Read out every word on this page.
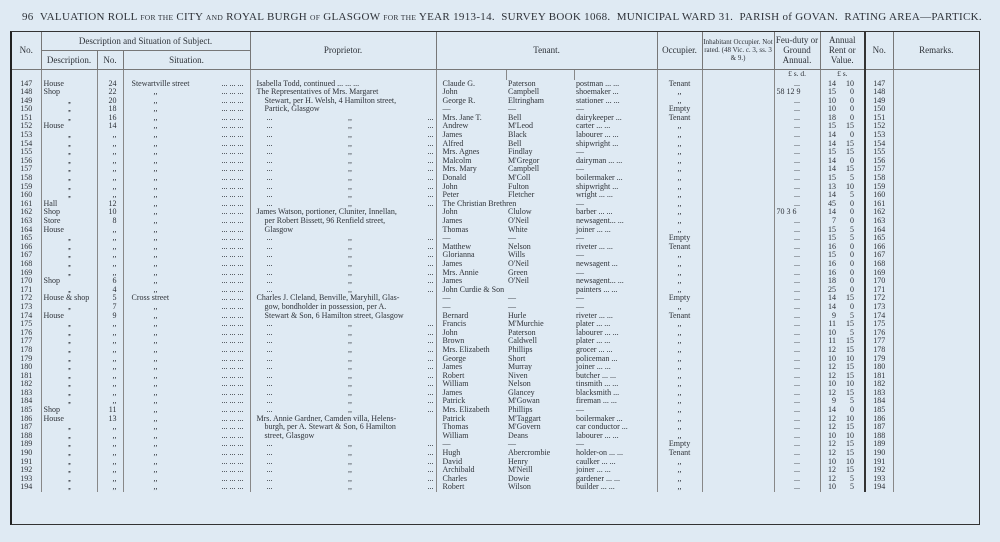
96 VALUATION ROLL FOR THE CITY AND ROYAL BURGH OF GLASGOW FOR THE YEAR 1913-14. SURVEY BOOK 1068. MUNICIPAL WARD 31. PARISH of GOVAN. RATING AREA—PARTICK.
No.	Description and Situation of Subject.			Proprietor.	Tenant.			Occupier.	Inhabitant Occupier. Not rated. (48 Vic. c. 3, ss. 3 & 9.)	Feu-duty or Ground Annual.	Annual Rent or Value.	No.	Remarks.
	Description.	No.	Situation.										
										£ s. d.	£ s.		
147	House	24	Stewartville street ... ... ...	Isabella Todd, continued ... ... ...	Claude G.	Paterson	postman ... ...	Tenant		...	14 10	147	
148	Shop	22	,, ... ... ...	The Representatives of Mrs. Margaret	John	Campbell	shoemaker ...	,,		58 12 9	15 0	148	
149	,,	20	,, ... ... ...	Stewart, per H. Welsh, 4 Hamilton street,	George R.	Eltringham	stationer ... ...	,,		...	10 0	149	
150	,,	18	,, ... ... ...	Partick, Glasgow	—	—	—	Empty		...	10 0	150	
151	,,	16	,, ... ... ...	... ,, ...	Mrs. Jane T.	Bell	dairykeeper ...	Tenant		...	18 0	151	
152	House	14	,, ... ... ...	... ,, ...	Andrew	M'Leod	carter ... ...	,,		...	15 15	152	
153	,,	,,	,, ... ... ...	... ,, ...	James	Black	labourer ... ...	,,		...	14 0	153	
154	,,	,,	,, ... ... ...	... ,, ...	Alfred	Bell	shipwright ...	,,		...	14 15	154	
155	,,	,,	,, ... ... ...	... ,, ...	Mrs. Agnes	Findlay	—	,,		...	15 15	155	
156	,,	,,	,, ... ... ...	... ,, ...	Malcolm	M'Gregor	dairyman ... ...	,,		...	14 0	156	
157	,,	,,	,, ... ... ...	... ,, ...	Mrs. Mary	Campbell	—	,,		...	14 15	157	
158	,,	,,	,, ... ... ...	... ,, ...	Donald	M'Coll	boilermaker ...	,,		...	15 5	158	
159	,,	,,	,, ... ... ...	... ,, ...	John	Fulton	shipwright ...	,,		...	13 10	159	
160	,,	,,	,, ... ... ...	... ,, ...	Peter	Fletcher	wright ... ...	,,		...	14 5	160	
161	Hall	12	,, ... ... ...	... ,, ...	The Christian Brethren		—	,,		...	45 0	161	
162	Shop	10	,, ... ... ...	James Watson, portioner, Cluniter, Innellan,	John	Clulow	barber ... ...	,,		70 3 6	14 0	162	
163	Store	8	,, ... ... ...	per Robert Bissett, 96 Renfield street,	James	O'Neil	newsagent... ...	,,		...	7 0	163	
164	House	,,	,, ... ... ...	Glasgow	Thomas	White	joiner ... ...	,,		...	15 5	164	
165	,,	,,	,, ... ... ...	... ,, ...	—	—	—	Empty		...	15 5	165	
166	,,	,,	,, ... ... ...	... ,, ...	Matthew	Nelson	riveter ... ...	Tenant		...	16 0	166	
167	,,	,,	,, ... ... ...	... ,, ...	Glorianna	Wills	—	,,		...	15 0	167	
168	,,	,,	,, ... ... ...	... ,, ...	James	O'Neil	newsagent ...	,,		...	16 0	168	
169	,,	,,	,, ... ... ...	... ,, ...	Mrs. Annie	Green	—	,,		...	16 0	169	
170	Shop	6	,, ... ... ...	... ,, ...	James	O'Neil	newsagent... ...	,,		...	18 0	170	
171	,,	4	,, ... ... ...	... ,, ...	John Curdie & Son		painters ... ...	,,		...	25 0	171	
172	House & shop	5	Cross street ... ... ...	Charles J. Cleland, Benville, Maryhill, Glas-	—	—	—	Empty		...	14 15	172	
173	,,	7	,, ... ... ...	gow, bondholder in possession, per A.	—	—	—	,,		...	14 0	173	
174	House	9	,, ... ... ...	Stewart & Son, 6 Hamilton street, Glasgow	Bernard	Hurle	riveter ... ...	Tenant		...	9 5	174	
175	,,	,,	,, ... ... ...	... ,, ...	Francis	M'Murchie	plater ... ...	,,		...	11 15	175	
176	,,	,,	,, ... ... ...	... ,, ...	John	Paterson	labourer ... ...	,,		...	10 5	176	
177	,,	,,	,, ... ... ...	... ,, ...	Brown	Caldwell	plater ... ...	,,		...	11 15	177	
178	,,	,,	,, ... ... ...	... ,, ...	Mrs. Elizabeth	Phillips	grocer ... ...	,,		...	12 15	178	
179	,,	,,	,, ... ... ...	... ,, ...	George	Short	policeman ...	,,		...	10 10	179	
180	,,	,,	,, ... ... ...	... ,, ...	James	Murray	joiner ... ...	,,		...	12 15	180	
181	,,	,,	,, ... ... ...	... ,, ...	Robert	Niven	butcher ... ...	,,		...	12 15	181	
182	,,	,,	,, ... ... ...	... ,, ...	William	Nelson	tinsmith ... ...	,,		...	10 10	182	
183	,,	,,	,, ... ... ...	... ,, ...	James	Glancey	blacksmith ...	,,		...	12 15	183	
184	,,	,,	,, ... ... ...	... ,, ...	Patrick	M'Gowan	fireman ... ...	,,		...	9 5	184	
185	Shop	11	,, ... ... ...	... ,, ...	Mrs. Elizabeth	Phillips	—	,,		...	14 0	185	
186	House	13	,, ... ... ...	Mrs. Annie Gardner, Camden villa, Helens-	Patrick	M'Taggart	boilermaker ...	,,		...	12 10	186	
187	,,	,,	,, ... ... ...	burgh, per A. Stewart & Son, 6 Hamilton	Thomas	M'Govern	car conductor ...	,,		...	12 15	187	
188	,,	,,	,, ... ... ...	street, Glasgow	William	Deans	labourer ... ...	,,		...	10 10	188	
189	,,	,,	,, ... ... ...	... ,, ...	—	—	—	Empty		...	12 15	189	
190	,,	,,	,, ... ... ...	... ,, ...	Hugh	Abercrombie	holder-on ... ...	Tenant		...	12 15	190	
191	,,	,,	,, ... ... ...	... ,, ...	David	Henry	caulker ... ...	,,		...	10 10	191	
192	,,	,,	,, ... ... ...	... ,, ...	Archibald	M'Neill	joiner ... ...	,,		...	12 15	192	
193	,,	,,	,, ... ... ...	... ,, ...	Charles	Dowie	gardener ... ...	,,		...	12 5	193	
194	,,	,,	,, ... ... ...	... ,, ...	Robert	Wilson	builder ... ...	,,		...	10 5	194	
